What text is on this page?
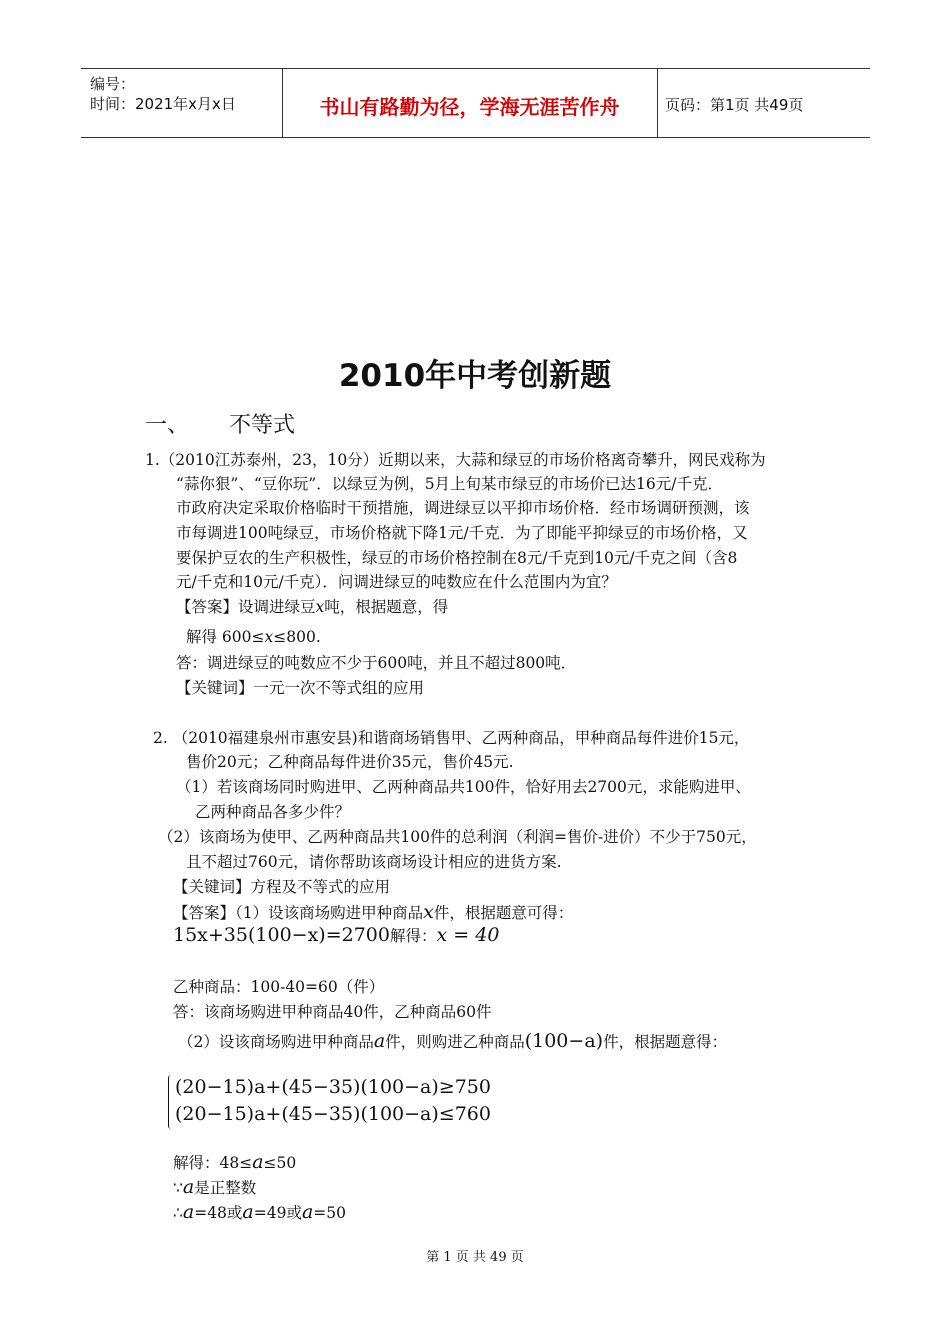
编号：
时间：2021年x月x日	书山有路勤为径，学海无涯苦作舟	页码：第1页 共49页
2010年中考创新题
一、 不等式
1.（2010江苏泰州，23，10分）近期以来，大蒜和绿豆的市场价格离奇攀升，网民戏称为
“蒜你狠”、“豆你玩”．以绿豆为例，5月上旬某市绿豆的市场价已达16元/千克．
市政府决定采取价格临时干预措施，调进绿豆以平抑市场价格．经市场调研预测，该
市每调进100吨绿豆，市场价格就下降1元/千克．为了即能平抑绿豆的市场价格，又
要保护豆农的生产积极性，绿豆的市场价格控制在8元/千克到10元/千克之间（含8
元/千克和10元/千克）．问调进绿豆的吨数应在什么范围内为宜？
【答案】设调进绿豆x吨，根据题意，得
解得 600≤x≤800.
答：调进绿豆的吨数应不少于600吨，并且不超过800吨．
【关键词】一元一次不等式组的应用
2. （2010福建泉州市惠安县)和谐商场销售甲、乙两种商品，甲种商品每件进价15元，
售价20元；乙种商品每件进价35元，售价45元.
（1）若该商场同时购进甲、乙两种商品共100件，恰好用去2700元，求能购进甲、
乙两种商品各多少件？
（2）该商场为使甲、乙两种商品共100件的总利润（利润=售价-进价）不少于750元，
且不超过760元，请你帮助该商场设计相应的进货方案.
【关键词】方程及不等式的应用
【答案】（1）设该商场购进甲种商品x件，根据题意可得：
15x+35(100−x)=2700解得：x = 40
乙种商品：100-40=60（件）
答：该商场购进甲种商品40件，乙种商品60件
（2）设该商场购进甲种商品a件，则购进乙种商品(100−a)件，根据题意得：
(20−15)a+(45−35)(100−a)≥750
(20−15)a+(45−35)(100−a)≤760
解得：48≤a≤50
∵a是正整数
∴a=48或a=49或a=50
第 1 页 共 49 页
